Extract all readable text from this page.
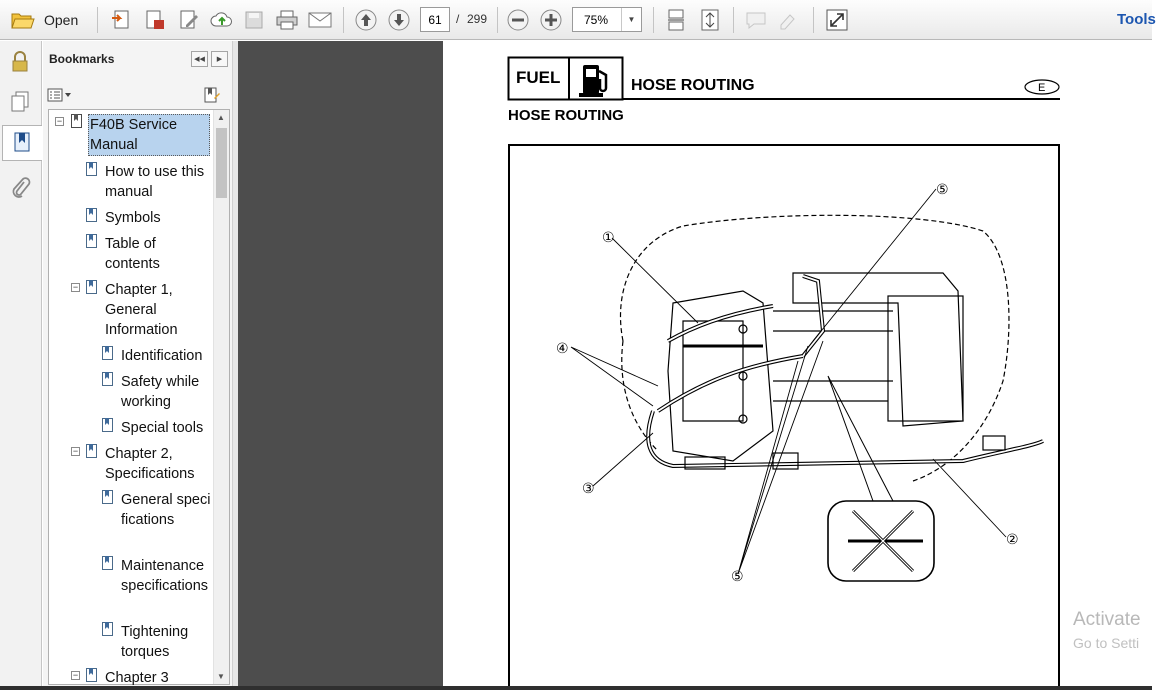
Open
61	/ 299	75%	▼	Tools
Bookmarks	◀◀	▶
− F40B Service Manual
How to use this manual
Symbols
Table of contents
− Chapter 1, General Information
Identification
Safety while working
Special tools
− Chapter 2, Specifications
General specifications
Maintenance specifications
Tightening torques
− Chapter 3
▲
▼
FUEL	HOSE ROUTING	E
HOSE ROUTING
①
②
③
④
⑤
⑤
Activate
Go to Setti
